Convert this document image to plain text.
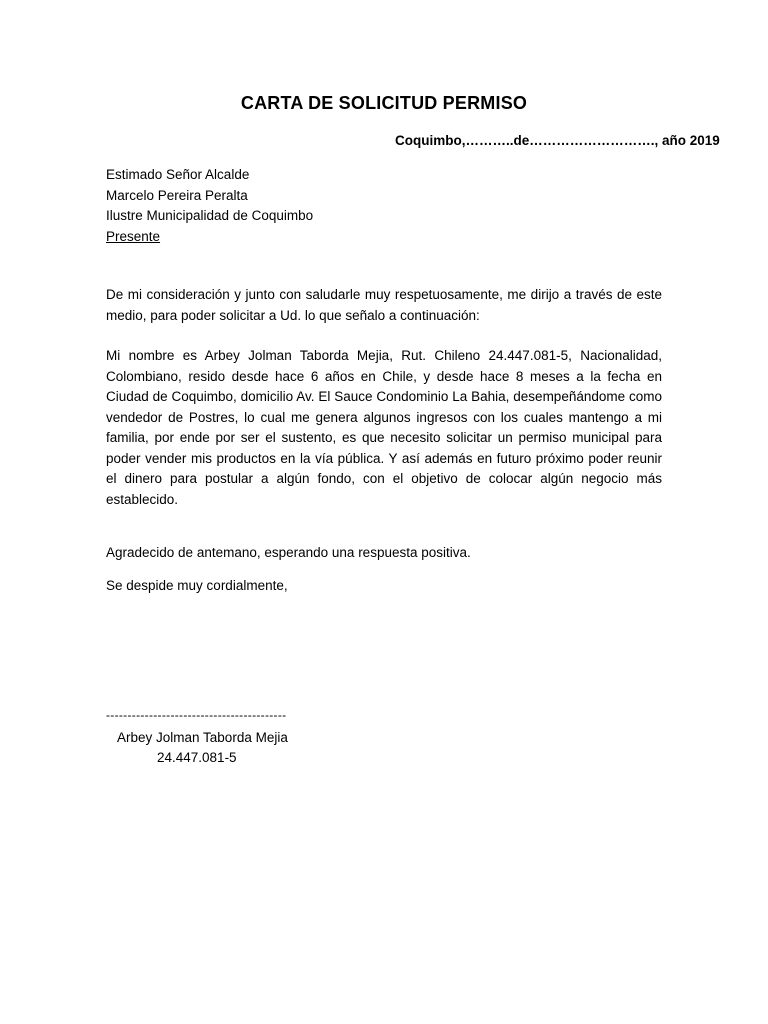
CARTA DE SOLICITUD PERMISO
Coquimbo,………..de………………………., año 2019
Estimado Señor Alcalde
Marcelo Pereira Peralta
Ilustre Municipalidad de Coquimbo
Presente
De mi consideración y junto con saludarle muy respetuosamente, me dirijo a través de este medio, para poder solicitar a Ud. lo que señalo a continuación:
Mi nombre es Arbey Jolman Taborda Mejia, Rut. Chileno 24.447.081-5, Nacionalidad, Colombiano, resido desde hace 6 años en Chile, y desde hace 8 meses a la fecha en Ciudad de Coquimbo, domicilio Av. El Sauce Condominio La Bahia, desempeñándome como vendedor de Postres, lo cual me genera algunos ingresos con los cuales mantengo a mi familia, por ende por ser el sustento, es que necesito solicitar un permiso municipal para poder vender mis productos en la vía pública. Y así además en futuro próximo poder reunir el dinero para postular a algún fondo, con el objetivo de colocar algún negocio más establecido.
Agradecido de antemano, esperando una respuesta positiva.
Se despide muy cordialmente,
------------------------------------------
Arbey Jolman Taborda Mejia
24.447.081-5
